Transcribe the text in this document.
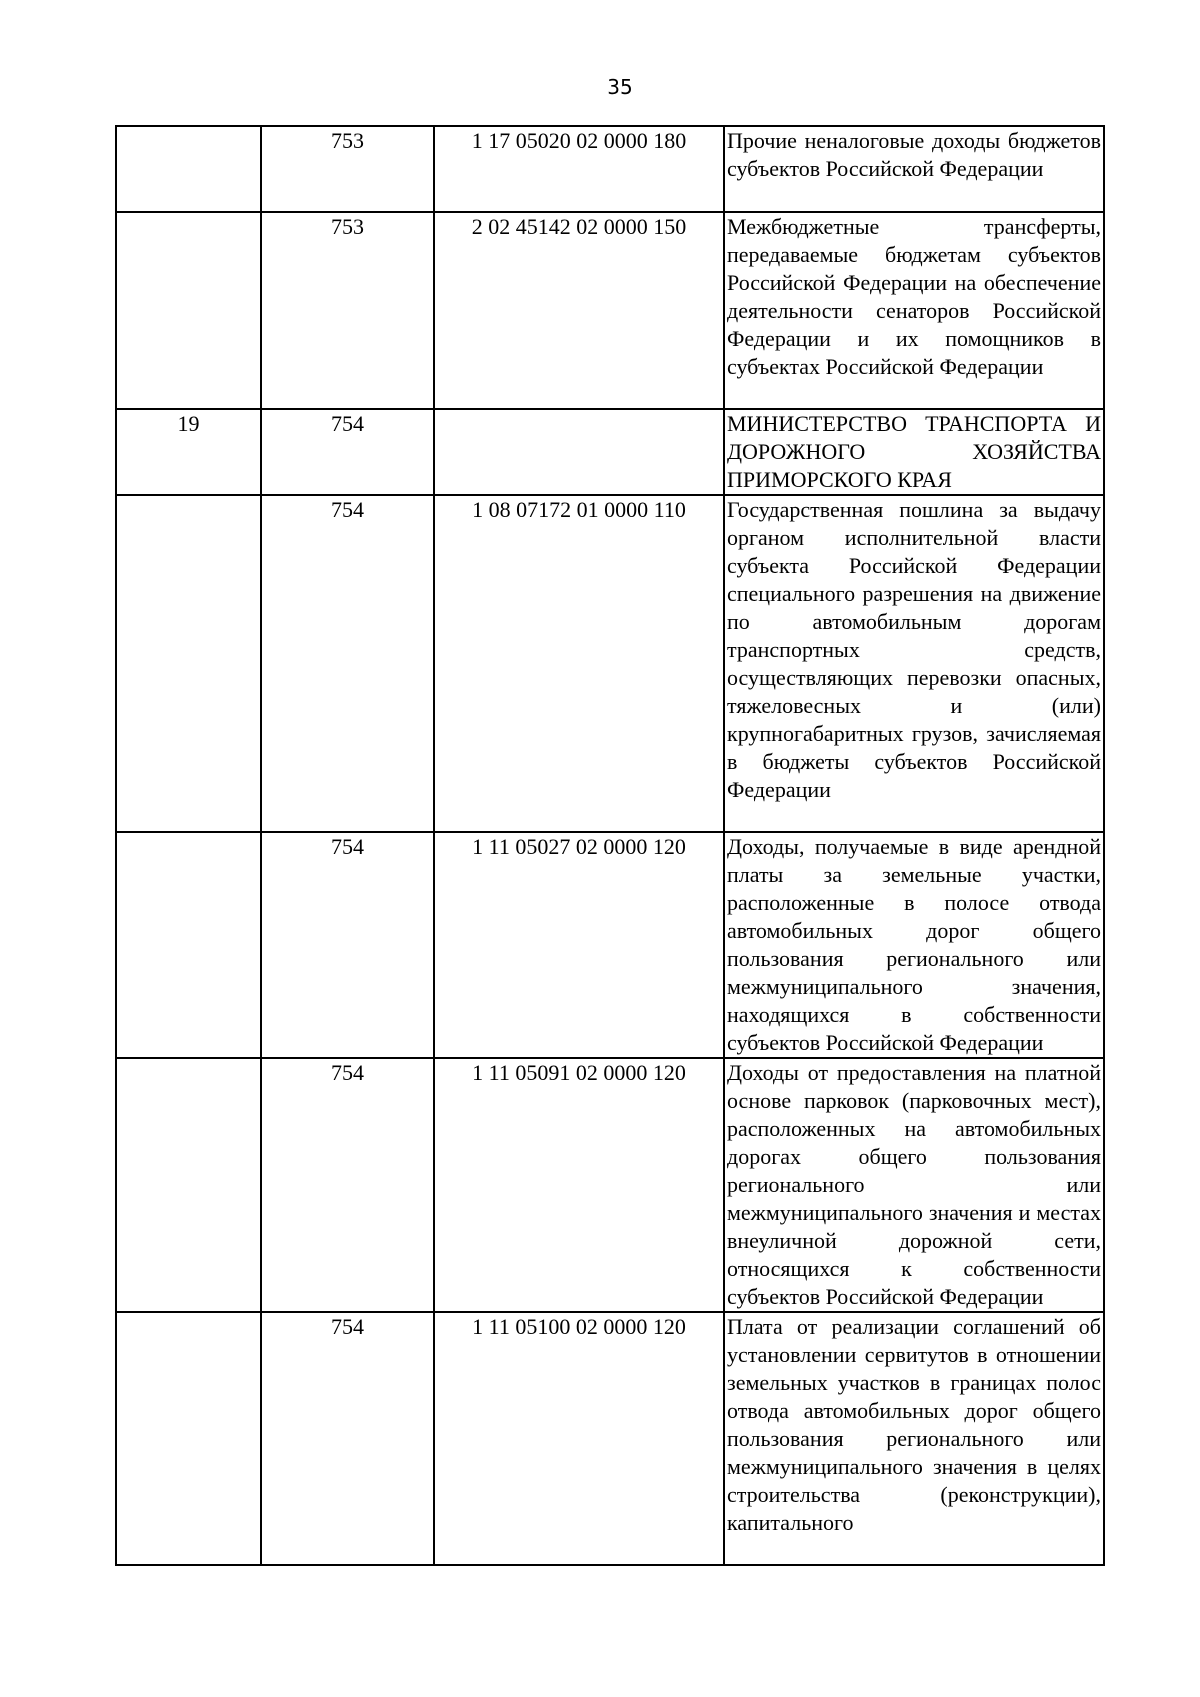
35
	753	1 17 05020 02 0000 180	Прочие неналоговые доходы бюджетов субъектов Российской Федерации
	753	2 02 45142 02 0000 150	Межбюджетные трансферты, передаваемые бюджетам субъектов Российской Федерации на обеспечение деятельности сенаторов Российской Федерации и их помощников в субъектах Российской Федерации
19	754		МИНИСТЕРСТВО ТРАНСПОРТА И ДОРОЖНОГО ХОЗЯЙСТВА ПРИМОРСКОГО КРАЯ
	754	1 08 07172 01 0000 110	Государственная пошлина за выдачу органом исполнительной власти субъекта Российской Федерации специального разрешения на движение по автомобильным дорогам транспортных средств, осуществляющих перевозки опасных, тяжеловесных и (или) крупногабаритных грузов, зачисляемая в бюджеты субъектов Российской Федерации
	754	1 11 05027 02 0000 120	Доходы, получаемые в виде арендной платы за земельные участки, расположенные в полосе отвода автомобильных дорог общего пользования регионального или межмуниципального значения, находящихся в собственности субъектов Российской Федерации
	754	1 11 05091 02 0000 120	Доходы от предоставления на платной основе парковок (парковочных мест), расположенных на автомобильных дорогах общего пользования регионального или межмуниципального значения и местах внеуличной дорожной сети, относящихся к собственности субъектов Российской Федерации
	754	1 11 05100 02 0000 120	Плата от реализации соглашений об установлении сервитутов в отношении земельных участков в границах полос отвода автомобильных дорог общего пользования регионального или межмуниципального значения в целях строительства (реконструкции), капитального
